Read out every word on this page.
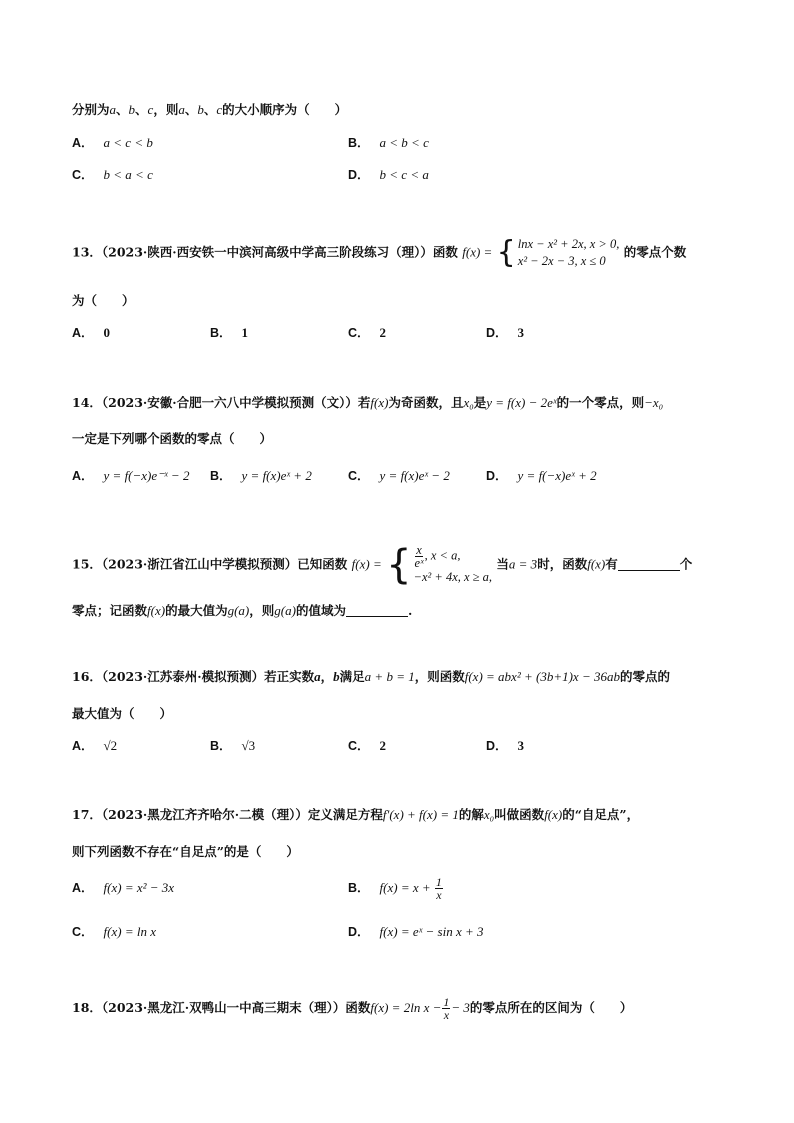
分别为a、b、c，则a、b、c的大小顺序为（　　）
A． a < c < b	B． a < b < c
C． b < a < c	D． b < c < a
13．（2023·陕西·西安铁一中滨河高级中学高三阶段练习（理））函数 f(x) = { lnx − x² + 2x, x > 0,
x² − 2x − 3, x ≤ 0
的零点个数
为（　　）
A． 0	B． 1	C． 2	D． 3
14．（2023·安徽·合肥一六八中学模拟预测（文））若f(x)为奇函数，且x₀是y = f(x) − 2eˣ的一个零点，则−x₀
一定是下列哪个函数的零点（　　）
A． y = f(−x)e⁻ˣ − 2 B． y = f(x)eˣ + 2	C． y = f(x)eˣ − 2	D． y = f(−x)eˣ + 2
15．（2023·浙江省江山中学模拟预测）已知函数 f(x) = { $\frac{x}{\text{eˣ}}$ , x < a,
−x² + 4x, x ≥ a,
当a = 3时，函数f(x)有	个
零点；记函数f(x)的最大值为g(a)，则g(a)的值域为	.
16．（2023·江苏泰州·模拟预测）若正实数a，b满足a + b = 1，则函数f(x) = abx² + (3b+1)x − 36ab的零点的
最大值为（　　）
A． √2	B． √3	C． 2	D． 3
17．（2023·黑龙江齐齐哈尔·二模（理））定义满足方程f′(x) + f(x) = 1的解x₀叫做函数f(x)的“自足点”，
则下列函数不存在“自足点”的是（　　）
A． f(x) = x² − 3x	B． $f(x) = x + \frac{1}{x}$
C． f(x) = ln x	D． f(x) = eˣ − sin x + 3
18．（2023·黑龙江·双鸭山一中高三期末（理））函数f(x) = 2ln $x - \frac{1}{x} - 3$的零点所在的区间为（　　）
